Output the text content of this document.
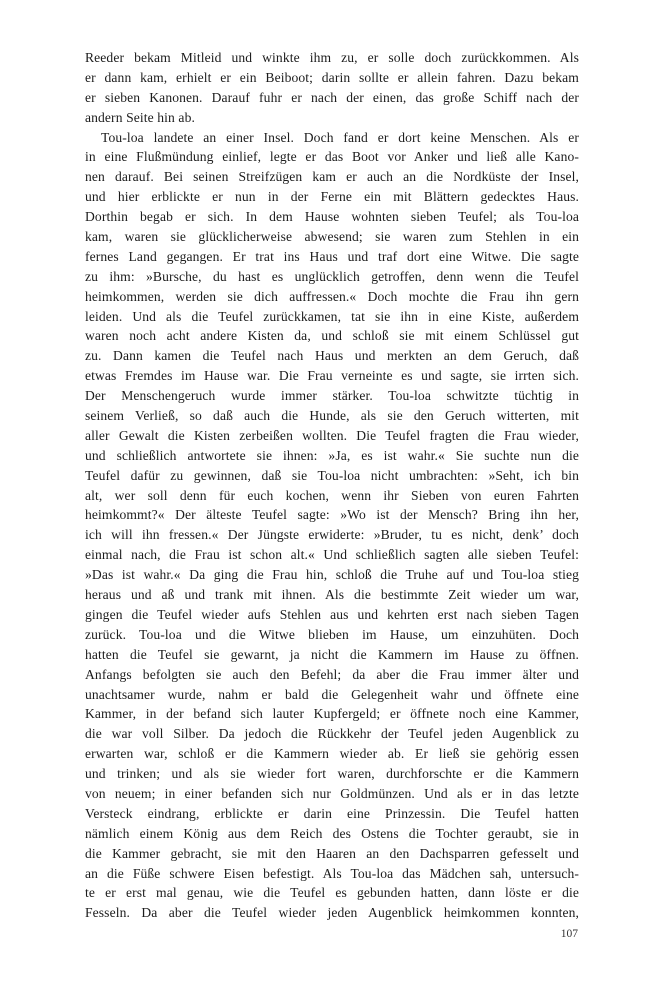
Reeder bekam Mitleid und winkte ihm zu, er solle doch zurückkommen. Als
er dann kam, erhielt er ein Beiboot; darin sollte er allein fahren. Dazu bekam
er sieben Kanonen. Darauf fuhr er nach der einen, das große Schiff nach der
andern Seite hin ab.
Tou-loa landete an einer Insel. Doch fand er dort keine Menschen. Als er
in eine Flußmündung einlief, legte er das Boot vor Anker und ließ alle Kano-
nen darauf. Bei seinen Streifzügen kam er auch an die Nordküste der Insel,
und hier erblickte er nun in der Ferne ein mit Blättern gedecktes Haus.
Dorthin begab er sich. In dem Hause wohnten sieben Teufel; als Tou-loa
kam, waren sie glücklicherweise abwesend; sie waren zum Stehlen in ein
fernes Land gegangen. Er trat ins Haus und traf dort eine Witwe. Die sagte
zu ihm: »Bursche, du hast es unglücklich getroffen, denn wenn die Teufel
heimkommen, werden sie dich auffressen.« Doch mochte die Frau ihn gern
leiden. Und als die Teufel zurückkamen, tat sie ihn in eine Kiste, außerdem
waren noch acht andere Kisten da, und schloß sie mit einem Schlüssel gut
zu. Dann kamen die Teufel nach Haus und merkten an dem Geruch, daß
etwas Fremdes im Hause war. Die Frau verneinte es und sagte, sie irrten sich.
Der Menschengeruch wurde immer stärker. Tou-loa schwitzte tüchtig in
seinem Verließ, so daß auch die Hunde, als sie den Geruch witterten, mit
aller Gewalt die Kisten zerbeißen wollten. Die Teufel fragten die Frau wieder,
und schließlich antwortete sie ihnen: »Ja, es ist wahr.« Sie suchte nun die
Teufel dafür zu gewinnen, daß sie Tou-loa nicht umbrachten: »Seht, ich bin
alt, wer soll denn für euch kochen, wenn ihr Sieben von euren Fahrten
heimkommt?« Der älteste Teufel sagte: »Wo ist der Mensch? Bring ihn her,
ich will ihn fressen.« Der Jüngste erwiderte: »Bruder, tu es nicht, denk’ doch
einmal nach, die Frau ist schon alt.« Und schließlich sagten alle sieben Teufel:
»Das ist wahr.« Da ging die Frau hin, schloß die Truhe auf und Tou-loa stieg
heraus und aß und trank mit ihnen. Als die bestimmte Zeit wieder um war,
gingen die Teufel wieder aufs Stehlen aus und kehrten erst nach sieben Tagen
zurück. Tou-loa und die Witwe blieben im Hause, um einzuhüten. Doch
hatten die Teufel sie gewarnt, ja nicht die Kammern im Hause zu öffnen.
Anfangs befolgten sie auch den Befehl; da aber die Frau immer älter und
unachtsamer wurde, nahm er bald die Gelegenheit wahr und öffnete eine
Kammer, in der befand sich lauter Kupfergeld; er öffnete noch eine Kammer,
die war voll Silber. Da jedoch die Rückkehr der Teufel jeden Augenblick zu
erwarten war, schloß er die Kammern wieder ab. Er ließ sie gehörig essen
und trinken; und als sie wieder fort waren, durchforschte er die Kammern
von neuem; in einer befanden sich nur Goldmünzen. Und als er in das letzte
Versteck eindrang, erblickte er darin eine Prinzessin. Die Teufel hatten
nämlich einem König aus dem Reich des Ostens die Tochter geraubt, sie in
die Kammer gebracht, sie mit den Haaren an den Dachsparren gefesselt und
an die Füße schwere Eisen befestigt. Als Tou-loa das Mädchen sah, untersuch-
te er erst mal genau, wie die Teufel es gebunden hatten, dann löste er die
Fesseln. Da aber die Teufel wieder jeden Augenblick heimkommen konnten,
107
